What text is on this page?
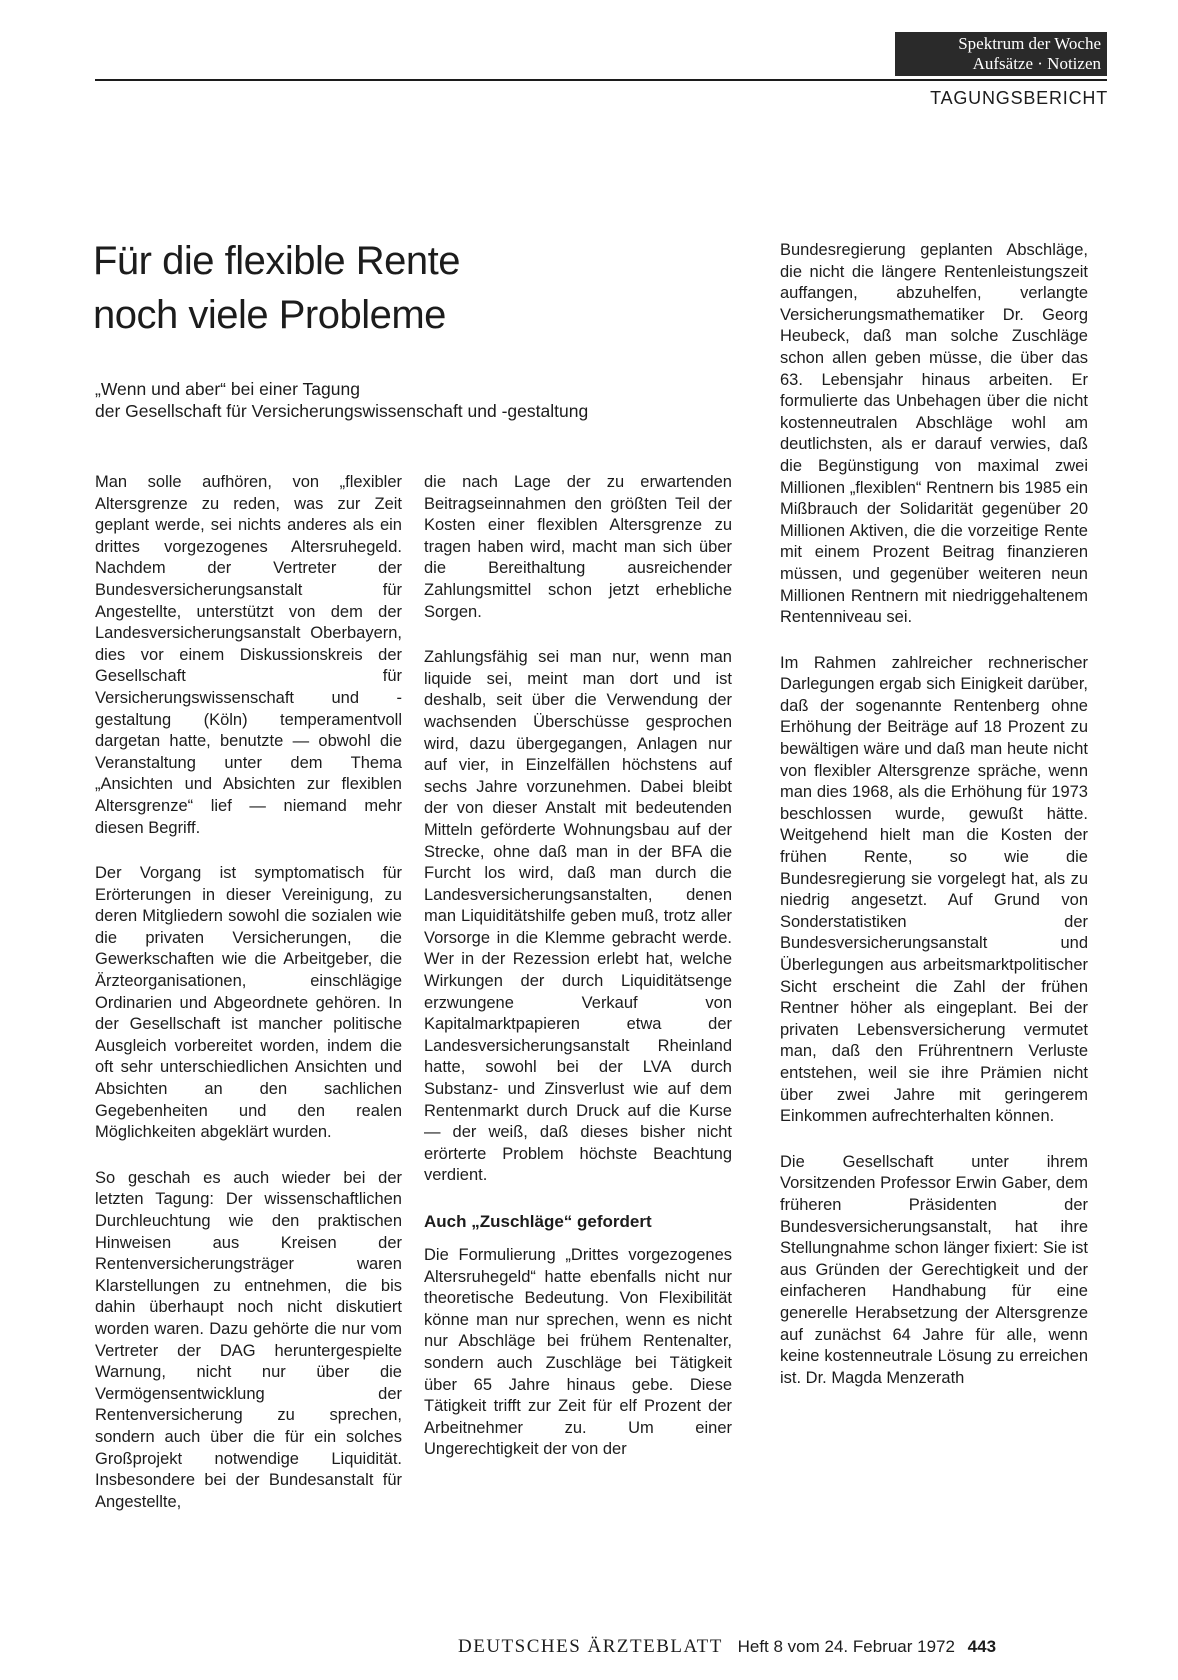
Spektrum der Woche
Aufsätze · Notizen
TAGUNGSBERICHT
Für die flexible Rente
noch viele Probleme

„Wenn und aber“ bei einer Tagung
der Gesellschaft für Versicherungswissenschaft und -gestaltung

Man solle aufhören, von „flexibler Altersgrenze zu reden, was zur Zeit geplant werde, sei nichts anderes als ein drittes vorgezogenes Altersruhegeld. Nachdem der Vertreter der Bundesversicherungsanstalt für Angestellte, unterstützt von dem der Landesversicherungsanstalt Oberbayern, dies vor einem Diskussionskreis der Gesellschaft für Versicherungswissenschaft und -gestaltung (Köln) temperamentvoll dargetan hatte, benutzte — obwohl die Veranstaltung unter dem Thema „Ansichten und Absichten zur flexiblen Altersgrenze“ lief — niemand mehr diesen Begriff.

Der Vorgang ist symptomatisch für Erörterungen in dieser Vereinigung, zu deren Mitgliedern sowohl die sozialen wie die privaten Versicherungen, die Gewerkschaften wie die Arbeitgeber, die Ärzteorganisationen, einschlägige Ordinarien und Abgeordnete gehören. In der Gesellschaft ist mancher politische Ausgleich vorbereitet worden, indem die oft sehr unterschiedlichen Ansichten und Absichten an den sachlichen Gegebenheiten und den realen Möglichkeiten abgeklärt wurden.

So geschah es auch wieder bei der letzten Tagung: Der wissenschaftlichen Durchleuchtung wie den praktischen Hinweisen aus Kreisen der Rentenversicherungsträger waren Klarstellungen zu entnehmen, die bis dahin überhaupt noch nicht diskutiert worden waren. Dazu gehörte die nur vom Vertreter der DAG heruntergespielte Warnung, nicht nur über die Vermögensentwicklung der Rentenversicherung zu sprechen, sondern auch über die für ein solches Großprojekt notwendige Liquidität. Insbesondere bei der Bundesanstalt für Angestellte,

die nach Lage der zu erwartenden Beitragseinnahmen den größten Teil der Kosten einer flexiblen Altersgrenze zu tragen haben wird, macht man sich über die Bereithaltung ausreichender Zahlungsmittel schon jetzt erhebliche Sorgen.

Zahlungsfähig sei man nur, wenn man liquide sei, meint man dort und ist deshalb, seit über die Verwendung der wachsenden Überschüsse gesprochen wird, dazu übergegangen, Anlagen nur auf vier, in Einzelfällen höchstens auf sechs Jahre vorzunehmen. Dabei bleibt der von dieser Anstalt mit bedeutenden Mitteln geförderte Wohnungsbau auf der Strecke, ohne daß man in der BFA die Furcht los wird, daß man durch die Landesversicherungsanstalten, denen man Liquiditätshilfe geben muß, trotz aller Vorsorge in die Klemme gebracht werde. Wer in der Rezession erlebt hat, welche Wirkungen der durch Liquiditätsenge erzwungene Verkauf von Kapitalmarktpapieren etwa der Landesversicherungsanstalt Rheinland hatte, sowohl bei der LVA durch Substanz- und Zinsverlust wie auf dem Rentenmarkt durch Druck auf die Kurse — der weiß, daß dieses bisher nicht erörterte Problem höchste Beachtung verdient.

Auch „Zuschläge“ gefordert

Die Formulierung „Drittes vorgezogenes Altersruhegeld“ hatte ebenfalls nicht nur theoretische Bedeutung. Von Flexibilität könne man nur sprechen, wenn es nicht nur Abschläge bei frühem Rentenalter, sondern auch Zuschläge bei Tätigkeit über 65 Jahre hinaus gebe. Diese Tätigkeit trifft zur Zeit für elf Prozent der Arbeitnehmer zu. Um einer Ungerechtigkeit der von der

Bundesregierung geplanten Abschläge, die nicht die längere Rentenleistungszeit auffangen, abzuhelfen, verlangte Versicherungsmathematiker Dr. Georg Heubeck, daß man solche Zuschläge schon allen geben müsse, die über das 63. Lebensjahr hinaus arbeiten. Er formulierte das Unbehagen über die nicht kostenneutralen Abschläge wohl am deutlichsten, als er darauf verwies, daß die Begünstigung von maximal zwei Millionen „flexiblen“ Rentnern bis 1985 ein Mißbrauch der Solidarität gegenüber 20 Millionen Aktiven, die die vorzeitige Rente mit einem Prozent Beitrag finanzieren müssen, und gegenüber weiteren neun Millionen Rentnern mit niedriggehaltenem Rentenniveau sei.

Im Rahmen zahlreicher rechnerischer Darlegungen ergab sich Einigkeit darüber, daß der sogenannte Rentenberg ohne Erhöhung der Beiträge auf 18 Prozent zu bewältigen wäre und daß man heute nicht von flexibler Altersgrenze spräche, wenn man dies 1968, als die Erhöhung für 1973 beschlossen wurde, gewußt hätte. Weitgehend hielt man die Kosten der frühen Rente, so wie die Bundesregierung sie vorgelegt hat, als zu niedrig angesetzt. Auf Grund von Sonderstatistiken der Bundesversicherungsanstalt und Überlegungen aus arbeitsmarktpolitischer Sicht erscheint die Zahl der frühen Rentner höher als eingeplant. Bei der privaten Lebensversicherung vermutet man, daß den Frührentnern Verluste entstehen, weil sie ihre Prämien nicht über zwei Jahre mit geringerem Einkommen aufrechterhalten können.

Die Gesellschaft unter ihrem Vorsitzenden Professor Erwin Gaber, dem früheren Präsidenten der Bundesversicherungsanstalt, hat ihre Stellungnahme schon länger fixiert: Sie ist aus Gründen der Gerechtigkeit und der einfacheren Handhabung für eine generelle Herabsetzung der Altersgrenze auf zunächst 64 Jahre für alle, wenn keine kostenneutrale Lösung zu erreichen ist. Dr. Magda Menzerath

DEUTSCHES ÄRZTEBLATT Heft 8 vom 24. Februar 1972 443
